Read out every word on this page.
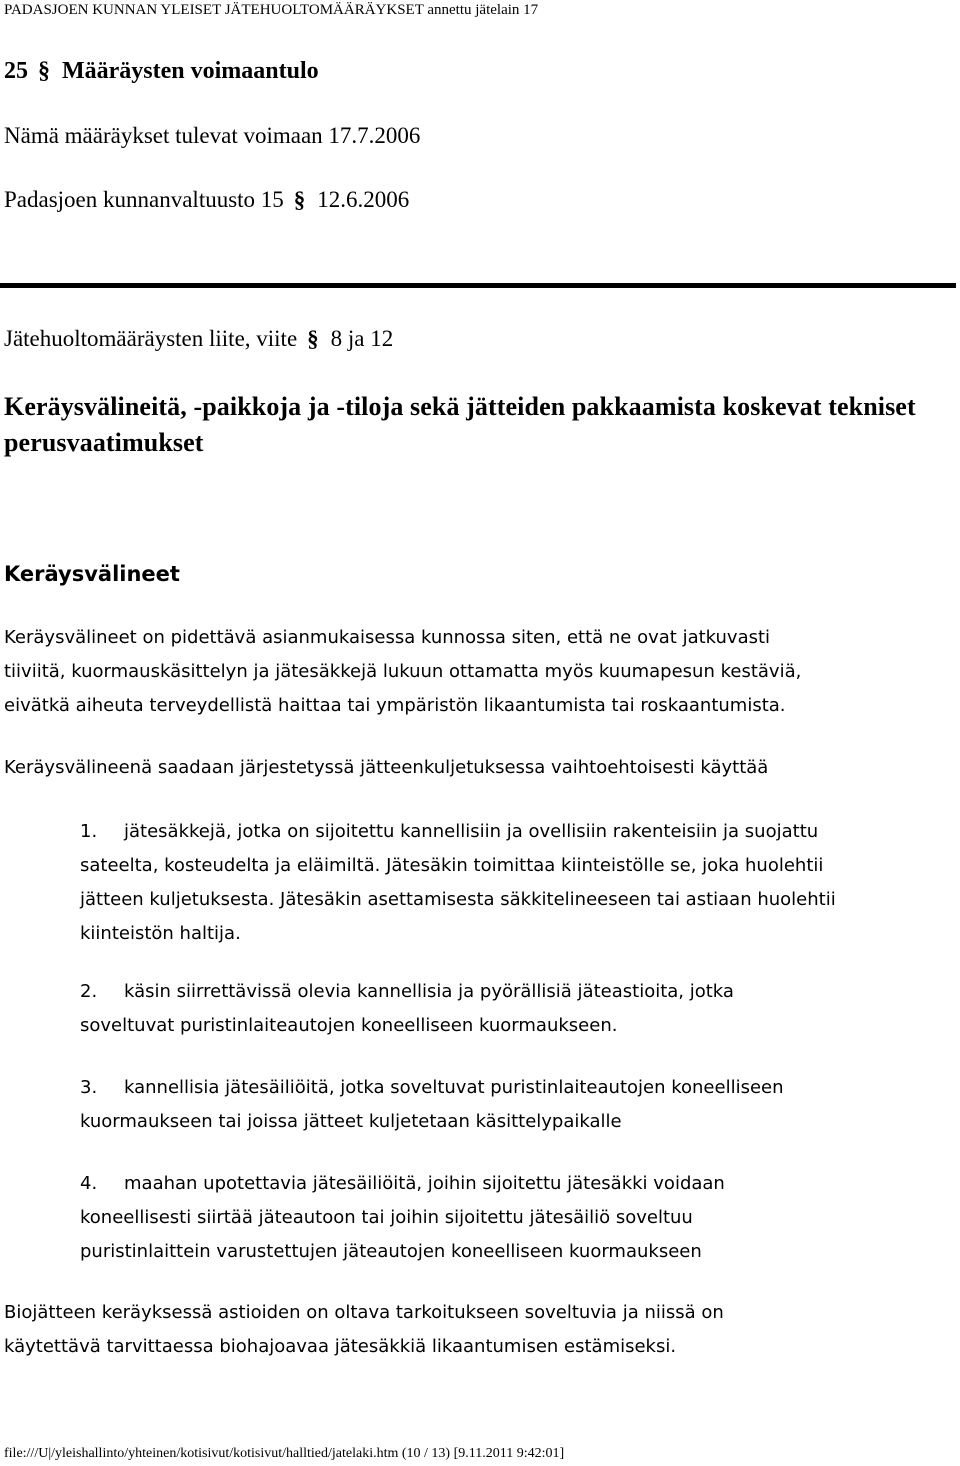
PADASJOEN KUNNAN YLEISET JÄTEHUOLTOMÄÄRÄYKSET annettu jätelain 17
25 § Määräysten voimaantulo
Nämä määräykset tulevat voimaan 17.7.2006
Padasjoen kunnanvaltuusto 15 § 12.6.2006
Jätehuoltomääräysten liite, viite § 8 ja 12
Keräysvälineitä, -paikkoja ja -tiloja sekä jätteiden pakkaamista koskevat tekniset perusvaatimukset
Keräysvälineet
Keräysvälineet on pidettävä asianmukaisessa kunnossa siten, että ne ovat jatkuvasti
tiiviitä, kuormauskäsittelyn ja jätesäkkejä lukuun ottamatta myös kuumapesun kestäviä,
eivätkä aiheuta terveydellistä haittaa tai ympäristön likaantumista tai roskaantumista.
Keräysvälineenä saadaan järjestetyssä jätteenkuljetuksessa vaihtoehtoisesti käyttää
1. jätesäkkejä, jotka on sijoitettu kannellisiin ja ovellisiin rakenteisiin ja suojattu
sateelta, kosteudelta ja eläimiltä. Jätesäkin toimittaa kiinteistölle se, joka huolehtii
jätteen kuljetuksesta. Jätesäkin asettamisesta säkkitelineeseen tai astiaan huolehtii
kiinteistön haltija.
2. käsin siirrettävissä olevia kannellisia ja pyörällisiä jäteastioita, jotka
soveltuvat puristinlaiteautojen koneelliseen kuormaukseen.
3. kannellisia jätesäiliöitä, jotka soveltuvat puristinlaiteautojen koneelliseen
kuormaukseen tai joissa jätteet kuljetetaan käsittelypaikalle
4. maahan upotettavia jätesäiliöitä, joihin sijoitettu jätesäkki voidaan
koneellisesti siirtää jäteautoon tai joihin sijoitettu jätesäiliö soveltuu
puristinlaittein varustettujen jäteautojen koneelliseen kuormaukseen
Biojätteen keräyksessä astioiden on oltava tarkoitukseen soveltuvia ja niissä on
käytettävä tarvittaessa biohajoavaa jätesäkkiä likaantumisen estämiseksi.
file:///U|/yleishallinto/yhteinen/kotisivut/kotisivut/halltied/jatelaki.htm (10 / 13) [9.11.2011 9:42:01]
